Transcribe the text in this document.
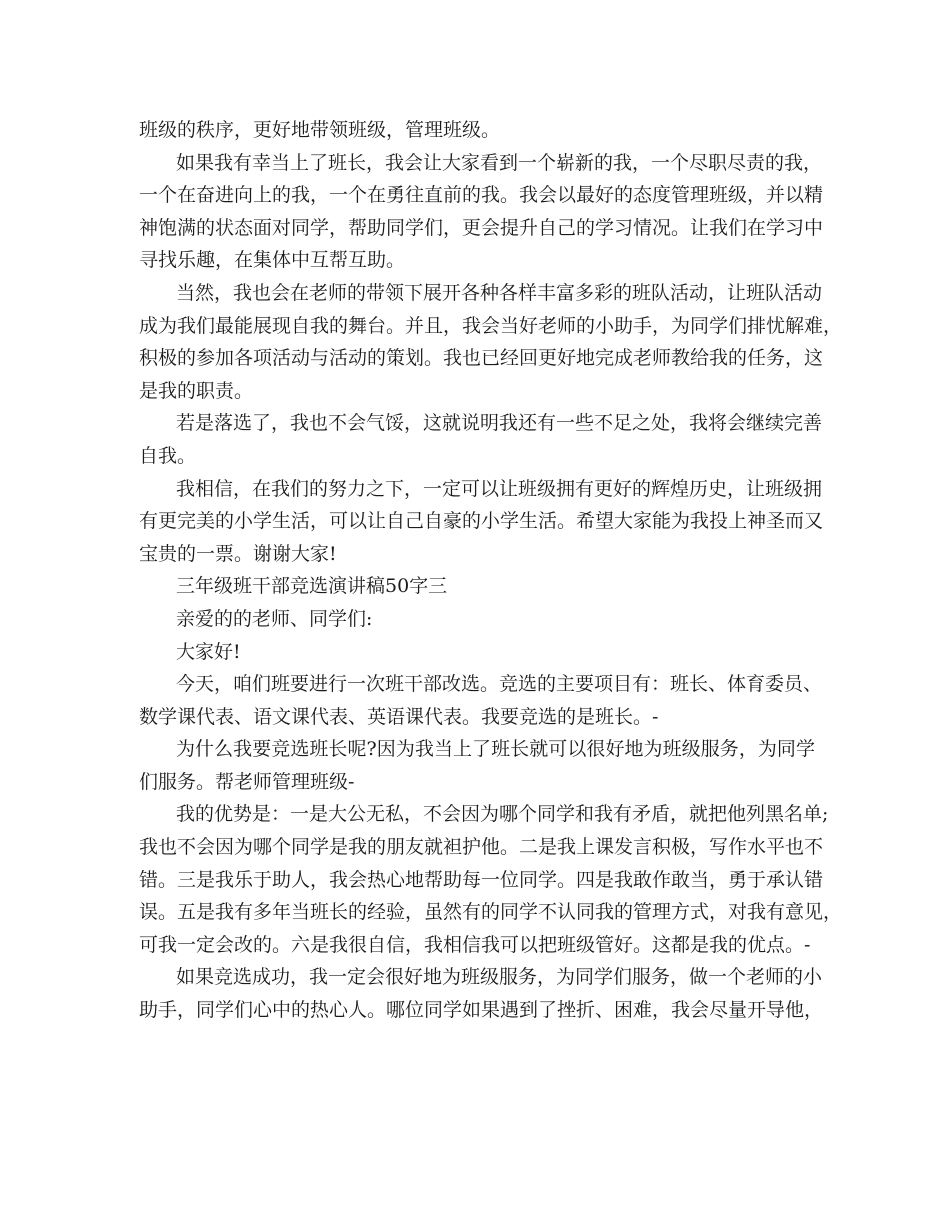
班级的秩序，更好地带领班级，管理班级。
如果我有幸当上了班长，我会让大家看到一个崭新的我，一个尽职尽责的我，
一个在奋进向上的我，一个在勇往直前的我。我会以最好的态度管理班级，并以精
神饱满的状态面对同学，帮助同学们，更会提升自己的学习情况。让我们在学习中
寻找乐趣，在集体中互帮互助。
当然，我也会在老师的带领下展开各种各样丰富多彩的班队活动，让班队活动
成为我们最能展现自我的舞台。并且，我会当好老师的小助手，为同学们排忧解难，
积极的参加各项活动与活动的策划。我也已经回更好地完成老师教给我的任务，这
是我的职责。
若是落选了，我也不会气馁，这就说明我还有一些不足之处，我将会继续完善
自我。
我相信，在我们的努力之下，一定可以让班级拥有更好的辉煌历史，让班级拥
有更完美的小学生活，可以让自己自豪的小学生活。希望大家能为我投上神圣而又
宝贵的一票。谢谢大家!
三年级班干部竞选演讲稿50字三
亲爱的的老师、同学们:
大家好!
今天，咱们班要进行一次班干部改选。竞选的主要项目有：班长、体育委员、
数学课代表、语文课代表、英语课代表。我要竞选的是班长。-
为什么我要竞选班长呢?因为我当上了班长就可以很好地为班级服务，为同学
们服务。帮老师管理班级-
我的优势是：一是大公无私，不会因为哪个同学和我有矛盾，就把他列黑名单;
我也不会因为哪个同学是我的朋友就袒护他。二是我上课发言积极，写作水平也不
错。三是我乐于助人，我会热心地帮助每一位同学。四是我敢作敢当，勇于承认错
误。五是我有多年当班长的经验，虽然有的同学不认同我的管理方式，对我有意见，
可我一定会改的。六是我很自信，我相信我可以把班级管好。这都是我的优点。-
如果竞选成功，我一定会很好地为班级服务，为同学们服务，做一个老师的小
助手，同学们心中的热心人。哪位同学如果遇到了挫折、困难，我会尽量开导他，
